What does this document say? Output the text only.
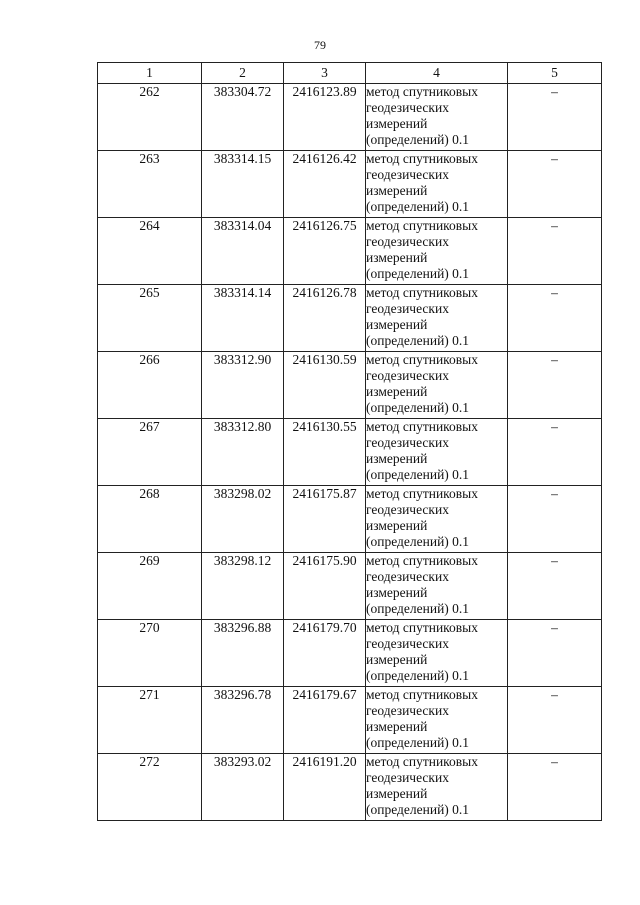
79
1	2	3	4	5
262	383304.72	2416123.89	метод спутниковых геодезических измерений (определений) 0.1	–
263	383314.15	2416126.42	метод спутниковых геодезических измерений (определений) 0.1	–
264	383314.04	2416126.75	метод спутниковых геодезических измерений (определений) 0.1	–
265	383314.14	2416126.78	метод спутниковых геодезических измерений (определений) 0.1	–
266	383312.90	2416130.59	метод спутниковых геодезических измерений (определений) 0.1	–
267	383312.80	2416130.55	метод спутниковых геодезических измерений (определений) 0.1	–
268	383298.02	2416175.87	метод спутниковых геодезических измерений (определений) 0.1	–
269	383298.12	2416175.90	метод спутниковых геодезических измерений (определений) 0.1	–
270	383296.88	2416179.70	метод спутниковых геодезических измерений (определений) 0.1	–
271	383296.78	2416179.67	метод спутниковых геодезических измерений (определений) 0.1	–
272	383293.02	2416191.20	метод спутниковых геодезических измерений (определений) 0.1	–
